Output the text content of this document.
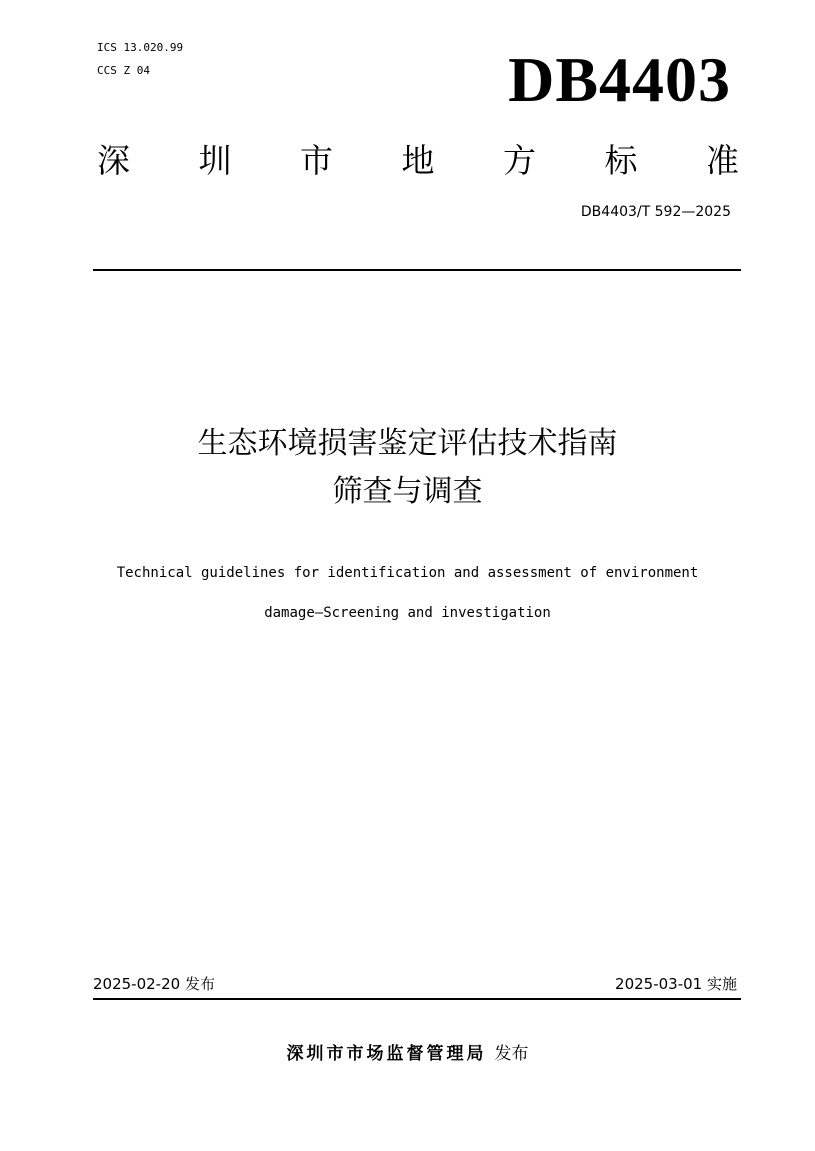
ICS 13.020.99
CCS Z 04	DB4403
深 圳 市 地 方 标 准
DB4403/T 592—2025
生态环境损害鉴定评估技术指南
筛查与调查
Technical guidelines for identification and assessment of environment
damage—Screening and investigation
2025-02-20 发布	2025-03-01 实施
深圳市市场监督管理局 发布
